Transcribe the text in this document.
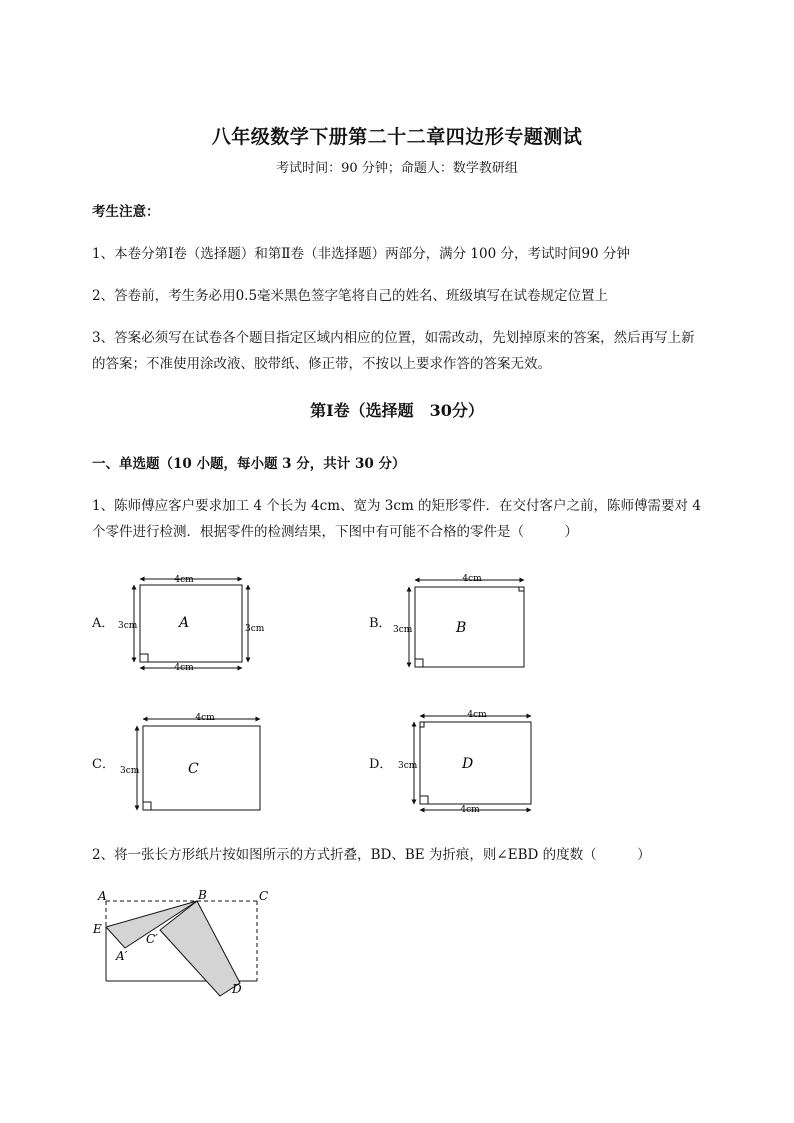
八年级数学下册第二十二章四边形专题测试
考试时间：90 分钟；命题人：数学教研组
考生注意：
1、本卷分第Ⅰ卷（选择题）和第Ⅱ卷（非选择题）两部分，满分 100 分，考试时间90 分钟
2、答卷前，考生务必用0.5毫米黑色签字笔将自己的姓名、班级填写在试卷规定位置上
3、答案必须写在试卷各个题目指定区域内相应的位置，如需改动，先划掉原来的答案，然后再写上新
的答案；不准使用涂改液、胶带纸、修正带，不按以上要求作答的答案无效。
第Ⅰ卷（选择题　30分）
一、单选题（10 小题，每小题 3 分，共计 30 分）
1、陈师傅应客户要求加工 4 个长为 4cm、宽为 3cm 的矩形零件．在交付客户之前，陈师傅需要对 4
个零件进行检测．根据零件的检测结果，下图中有可能不合格的零件是（　　　）
A．	B．
C．	D．
4cm
4cm
3cm	3cm
A
4cm
3cm	B
4cm
3cm	C
4cm
4cm
3cm	D
A	B	C
E
A′
C′
D
2、将一张长方形纸片按如图所示的方式折叠，BD、BE 为折痕，则∠EBD 的度数（　　　）
